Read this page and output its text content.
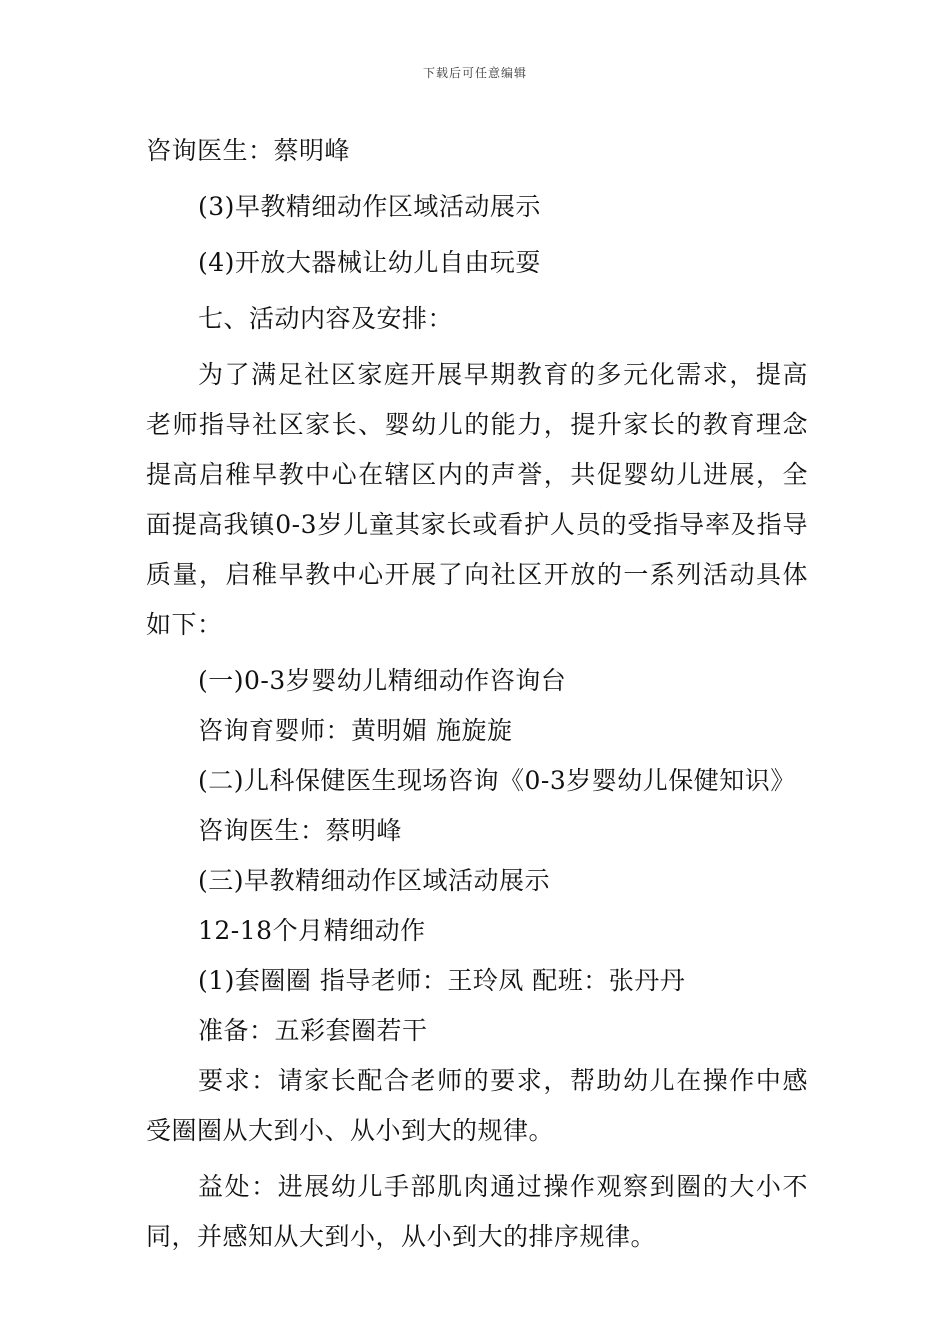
下载后可任意编辑

咨询医生：蔡明峰

(3)早教精细动作区域活动展示

(4)开放大器械让幼儿自由玩耍

七、活动内容及安排：

为了满足社区家庭开展早期教育的多元化需求，提高老师指导社区家长、婴幼儿的能力，提升家长的教育理念提高启稚早教中心在辖区内的声誉，共促婴幼儿进展，全面提高我镇0-3岁儿童其家长或看护人员的受指导率及指导质量，启稚早教中心开展了向社区开放的一系列活动具体如下：

(一)0-3岁婴幼儿精细动作咨询台

咨询育婴师：黄明媚 施旋旋

(二)儿科保健医生现场咨询《0-3岁婴幼儿保健知识》

咨询医生：蔡明峰

(三)早教精细动作区域活动展示

12-18个月精细动作

(1)套圈圈 指导老师：王玲凤 配班：张丹丹

准备：五彩套圈若干

要求：请家长配合老师的要求，帮助幼儿在操作中感受圈圈从大到小、从小到大的规律。

益处：进展幼儿手部肌肉通过操作观察到圈的大小不同，并感知从大到小，从小到大的排序规律。
